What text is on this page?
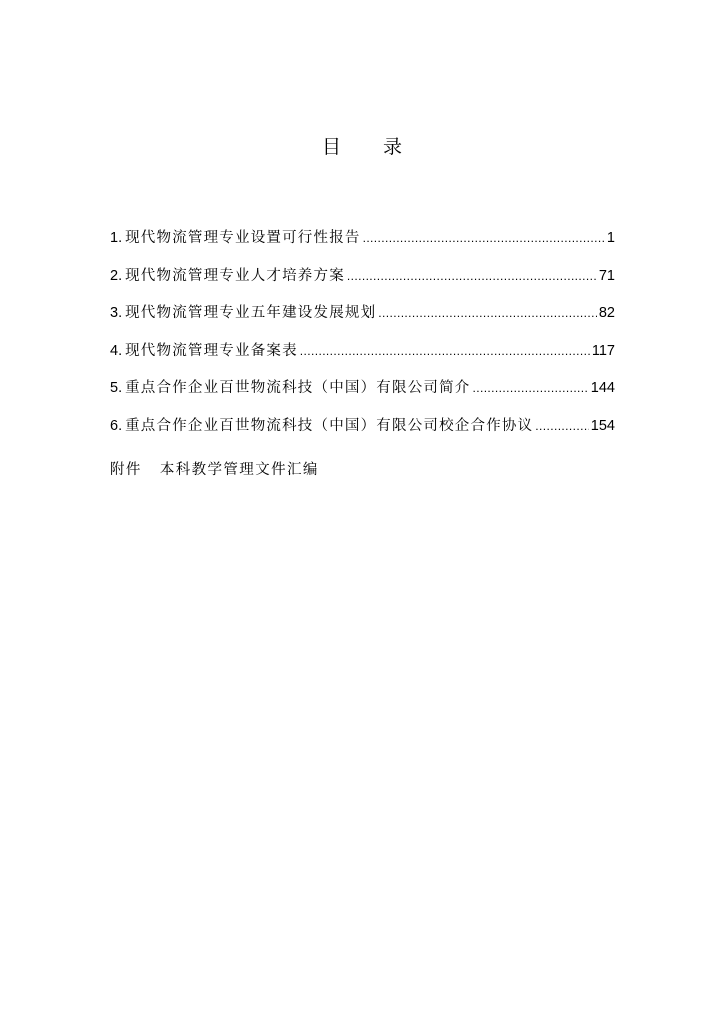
目 录
1. 现代物流管理专业设置可行性报告 .....	1
2. 现代物流管理专业人才培养方案 .....	71
3. 现代物流管理专业五年建设发展规划 .....	82
4. 现代物流管理专业备案表 .....	117
5. 重点合作企业百世物流科技（中国）有限公司简介 .....	144
6. 重点合作企业百世物流科技（中国）有限公司校企合作协议 .....	154
附件 本科教学管理文件汇编
